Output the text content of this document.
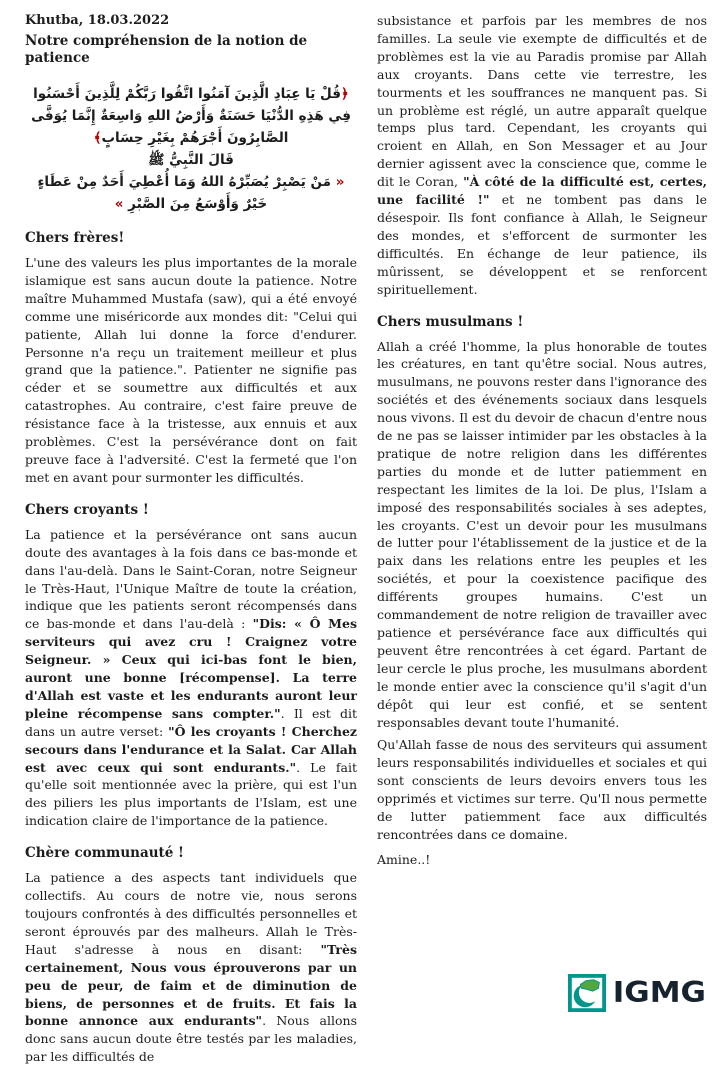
Khutba, 18.03.2022
Notre compréhension de la notion de patience

﴿قُلْ يَا عِبَادِ الَّذِينَ آمَنُوا اتَّقُوا رَبَّكُمْ لِلَّذِينَ أَحْسَنُوا فِي هَذِهِ الدُّنْيَا حَسَنَةٌ وَأَرْضُ اللهِ وَاسِعَةٌ إِنَّمَا يُوَفَّى الصَّابِرُونَ أَجْرَهُمْ بِغَيْرِ حِسَابٍ﴾

قَالَ النَّبِيُّ ﷺ

« مَنْ يَصْبِرْ يُصَبِّرْهُ اللهُ وَمَا أُعْطِيَ أَحَدٌ مِنْ عَطَاءٍ خَيْرٌ وَأَوْسَعُ مِنَ الصَّبْرِ »

Chers frères!

L'une des valeurs les plus importantes de la morale islamique est sans aucun doute la patience. Notre maître Muhammed Mustafa (saw), qui a été envoyé comme une miséricorde aux mondes dit: "Celui qui patiente, Allah lui donne la force d'endurer. Personne n'a reçu un traitement meilleur et plus grand que la patience.". Patienter ne signifie pas céder et se soumettre aux difficultés et aux catastrophes. Au contraire, c'est faire preuve de résistance face à la tristesse, aux ennuis et aux problèmes. C'est la persévérance dont on fait preuve face à l'adversité. C'est la fermeté que l'on met en avant pour surmonter les difficultés.

Chers croyants !

La patience et la persévérance ont sans aucun doute des avantages à la fois dans ce bas-monde et dans l'au-delà. Dans le Saint-Coran, notre Seigneur le Très-Haut, l'Unique Maître de toute la création, indique que les patients seront récompensés dans ce bas-monde et dans l'au-delà : "Dis: « Ô Mes serviteurs qui avez cru ! Craignez votre Seigneur. » Ceux qui ici-bas font le bien, auront une bonne [récompense]. La terre d'Allah est vaste et les endurants auront leur pleine récompense sans compter.". Il est dit dans un autre verset: "Ô les croyants ! Cherchez secours dans l'endurance et la Salat. Car Allah est avec ceux qui sont endurants.". Le fait qu'elle soit mentionnée avec la prière, qui est l'un des piliers les plus importants de l'Islam, est une indication claire de l'importance de la patience.

Chère communauté !

La patience a des aspects tant individuels que collectifs. Au cours de notre vie, nous serons toujours confrontés à des difficultés personnelles et seront éprouvés par des malheurs. Allah le Très-Haut s'adresse à nous en disant: "Très certainement, Nous vous éprouverons par un peu de peur, de faim et de diminution de biens, de personnes et de fruits. Et fais la bonne annonce aux endurants". Nous allons donc sans aucun doute être testés par les maladies, par les difficultés de

subsistance et parfois par les membres de nos familles. La seule vie exempte de difficultés et de problèmes est la vie au Paradis promise par Allah aux croyants. Dans cette vie terrestre, les tourments et les souffrances ne manquent pas. Si un problème est réglé, un autre apparaît quelque temps plus tard. Cependant, les croyants qui croient en Allah, en Son Messager et au Jour dernier agissent avec la conscience que, comme le dit le Coran, "À côté de la difficulté est, certes, une facilité !" et ne tombent pas dans le désespoir. Ils font confiance à Allah, le Seigneur des mondes, et s'efforcent de surmonter les difficultés. En échange de leur patience, ils mûrissent, se développent et se renforcent spirituellement.

Chers musulmans !

Allah a créé l'homme, la plus honorable de toutes les créatures, en tant qu'être social. Nous autres, musulmans, ne pouvons rester dans l'ignorance des sociétés et des événements sociaux dans lesquels nous vivons. Il est du devoir de chacun d'entre nous de ne pas se laisser intimider par les obstacles à la pratique de notre religion dans les différentes parties du monde et de lutter patiemment en respectant les limites de la loi. De plus, l'Islam a imposé des responsabilités sociales à ses adeptes, les croyants. C'est un devoir pour les musulmans de lutter pour l'établissement de la justice et de la paix dans les relations entre les peuples et les sociétés, et pour la coexistence pacifique des différents groupes humains. C'est un commandement de notre religion de travailler avec patience et persévérance face aux difficultés qui peuvent être rencontrées à cet égard. Partant de leur cercle le plus proche, les musulmans abordent le monde entier avec la conscience qu'il s'agit d'un dépôt qui leur est confié, et se sentent responsables devant toute l'humanité.

Qu'Allah fasse de nous des serviteurs qui assument leurs responsabilités individuelles et sociales et qui sont conscients de leurs devoirs envers tous les opprimés et victimes sur terre. Qu'Il nous permette de lutter patiemment face aux difficultés rencontrées dans ce domaine.

Amine..!

IGMG
